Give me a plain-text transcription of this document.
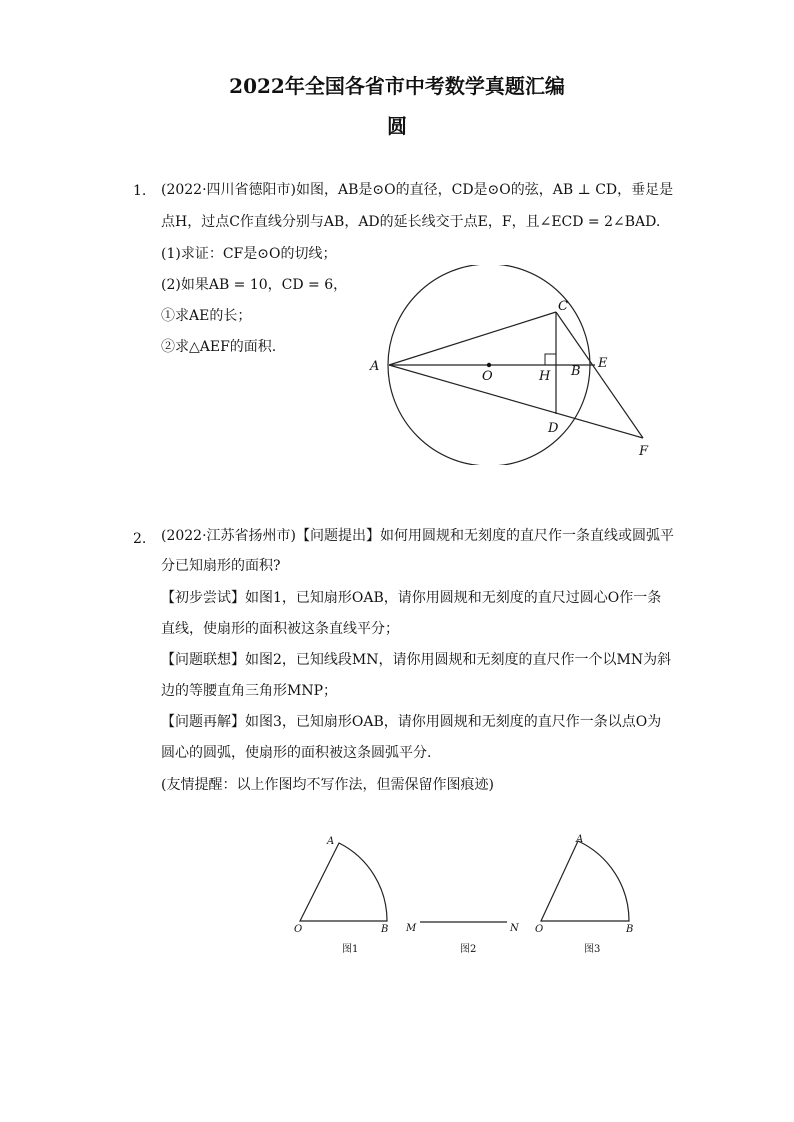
2022年全国各省市中考数学真题汇编
圆
1. (2022·四川省德阳市)如图，AB是⊙O的直径，CD是⊙O的弦，AB ⊥ CD，垂足是
点H，过点C作直线分别与AB，AD的延长线交于点E，F，且∠ECD = 2∠BAD.
(1)求证：CF是⊙O的切线；
(2)如果AB = 10，CD = 6，
①求AE的长；
②求△AEF的面积.
A
O	H B
E
C
D
F
2. (2022·江苏省扬州市)【问题提出】如何用圆规和无刻度的直尺作一条直线或圆弧平
分已知扇形的面积?
【初步尝试】如图1，已知扇形OAB，请你用圆规和无刻度的直尺过圆心O作一条
直线，使扇形的面积被这条直线平分；
【问题联想】如图2，已知线段MN，请你用圆规和无刻度的直尺作一个以MN为斜
边的等腰直角三角形MNP；
【问题再解】如图3，已知扇形OAB，请你用圆规和无刻度的直尺作一条以点O为
圆心的圆弧，使扇形的面积被这条圆弧平分.
(友情提醒：以上作图均不写作法，但需保留作图痕迹)
A
O	B
图1
M	N
图2
A
O	B
图3
